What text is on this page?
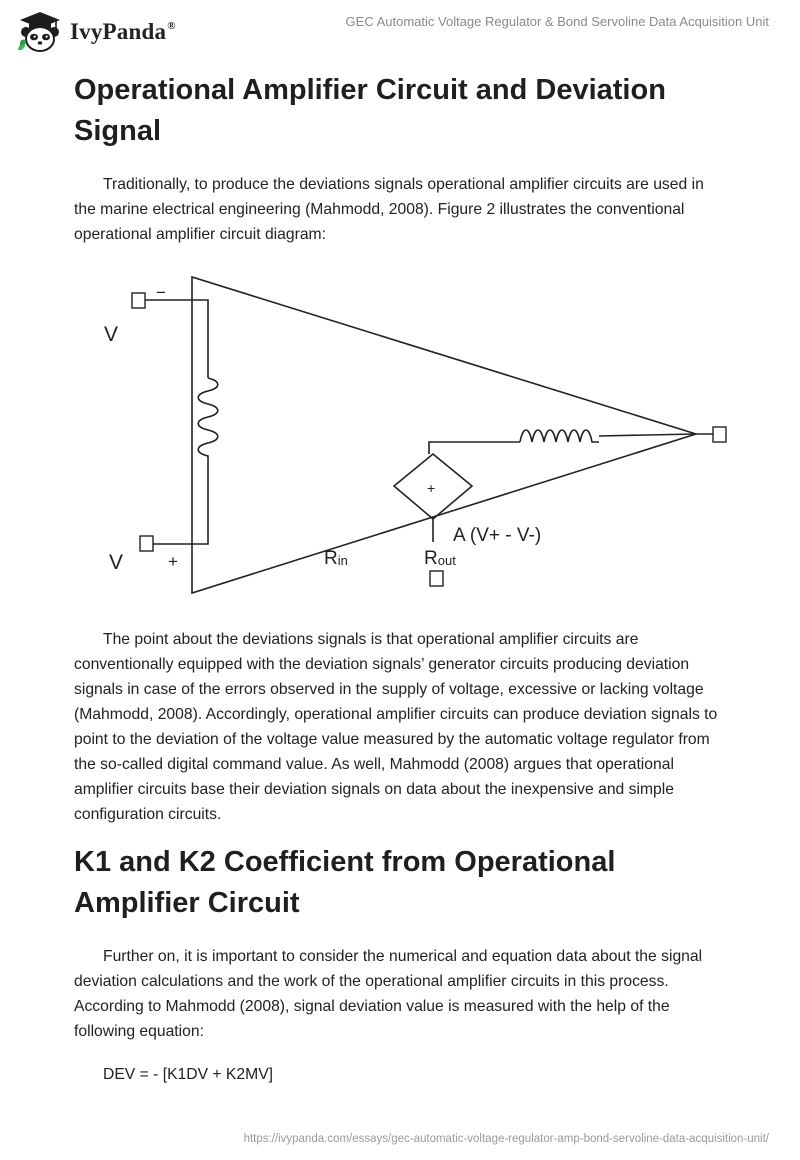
IvyPanda®	GEC Automatic Voltage Regulator & Bond Servoline Data Acquisition Unit
Operational Amplifier Circuit and Deviation Signal

Traditionally, to produce the deviations signals operational amplifier circuits are used in the marine electrical engineering (Mahmodd, 2008). Figure 2 illustrates the conventional operational amplifier circuit diagram:

V
−
V	+
+
Rin	Rout
A (V+ - V-)

The point about the deviations signals is that operational amplifier circuits are conventionally equipped with the deviation signals’ generator circuits producing deviation signals in case of the errors observed in the supply of voltage, excessive or lacking voltage (Mahmodd, 2008). Accordingly, operational amplifier circuits can produce deviation signals to point to the deviation of the voltage value measured by the automatic voltage regulator from the so-called digital command value. As well, Mahmodd (2008) argues that operational amplifier circuits base their deviation signals on data about the inexpensive and simple configuration circuits.

K1 and K2 Coefficient from Operational Amplifier Circuit

Further on, it is important to consider the numerical and equation data about the signal deviation calculations and the work of the operational amplifier circuits in this process. According to Mahmodd (2008), signal deviation value is measured with the help of the following equation:

DEV = - [K1DV + K2MV]
https://ivypanda.com/essays/gec-automatic-voltage-regulator-amp-bond-servoline-data-acquisition-unit/
